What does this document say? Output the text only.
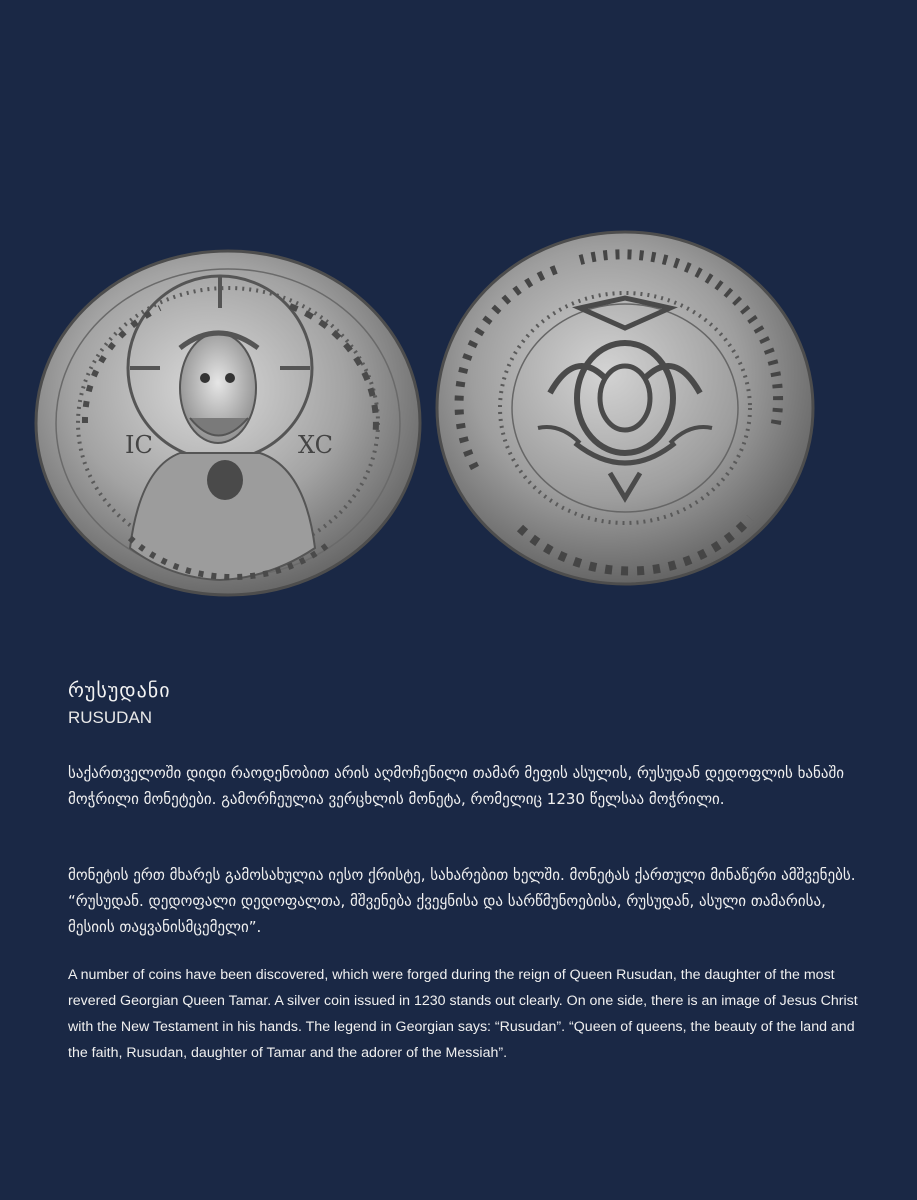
IC	XC
რუსუდანი
RUSUDAN

საქართველოში დიდი რაოდენობით არის აღმოჩენილი თამარ მეფის ასულის, რუსუდან დედოფლის ხანაში მოჭრილი მონეტები. გამორჩეულია ვერცხლის მონეტა, რომელიც 1230 წელსაა მოჭრილი.

მონეტის ერთ მხარეს გამოსახულია იესო ქრისტე, სახარებით ხელში. მონეტას ქართული მინაწერი ამშვენებს. “რუსუდან. დედოფალი დედოფალთა, მშვენება ქვეყნისა და სარწმუნოებისა, რუსუდან, ასული თამარისა, მესიის თაყვანისმცემელი”.

A number of coins have been discovered, which were forged during the reign of Queen Rusudan, the daughter of the most revered Georgian Queen Tamar. A silver coin issued in 1230 stands out clearly. On one side, there is an image of Jesus Christ with the New Testament in his hands. The legend in Georgian says: “Rusudan”. “Queen of queens, the beauty of the land and the faith, Rusudan, daughter of Tamar and the adorer of the Messiah”.
